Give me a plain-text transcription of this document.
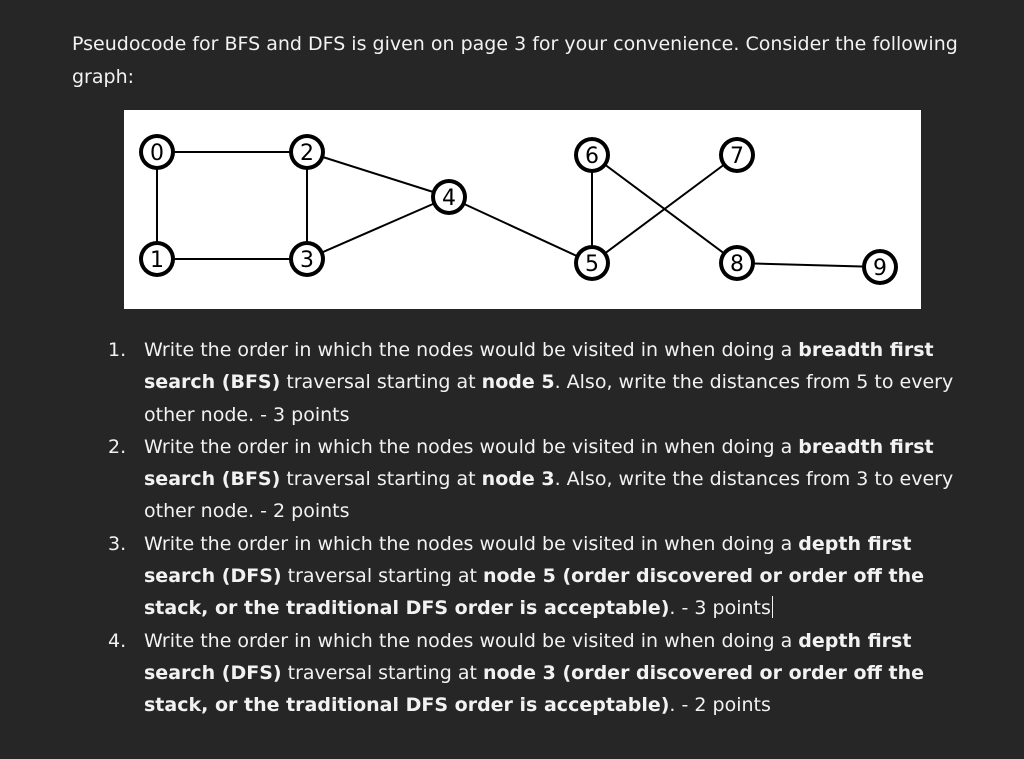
Pseudocode for BFS and DFS is given on page 3 for your convenience. Consider the following
graph:

0
1
2
3
4
5
6	7
8	9
1. Write the order in which the nodes would be visited in when doing a breadth first search (BFS) traversal starting at node 5. Also, write the distances from 5 to every other node. - 3 points
2. Write the order in which the nodes would be visited in when doing a breadth first search (BFS) traversal starting at node 3. Also, write the distances from 3 to every other node. - 2 points
3. Write the order in which the nodes would be visited in when doing a depth first search (DFS) traversal starting at node 5 (order discovered or order off the stack, or the traditional DFS order is acceptable). - 3 points
4. Write the order in which the nodes would be visited in when doing a depth first search (DFS) traversal starting at node 3 (order discovered or order off the stack, or the traditional DFS order is acceptable). - 2 points
